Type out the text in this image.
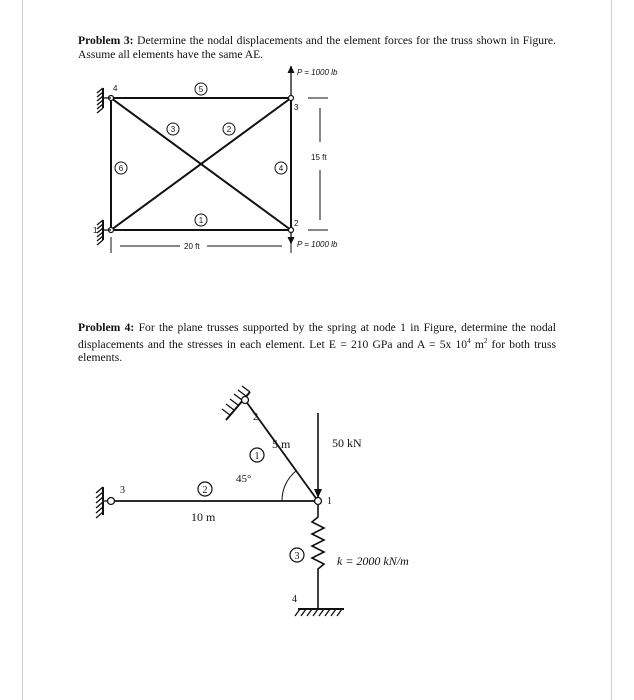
Problem 3: Determine the nodal displacements and the element forces for the truss shown in Figure. Assume all elements have the same AE.
4
3
1
2
5
3	2
6	4
1
P = 1000 lb
P = 1000 lb
15 ft
20 ft
Problem 4: For the plane trusses supported by the spring at node 1 in Figure, determine the nodal displacements and the stresses in each element. Let E = 210 GPa and A = 5x $10^4$ $m^2$ for both truss elements.
50 kN
45°
5 m
10 m
k = 2000 kN/m
1
2
3
4
1
2
3
